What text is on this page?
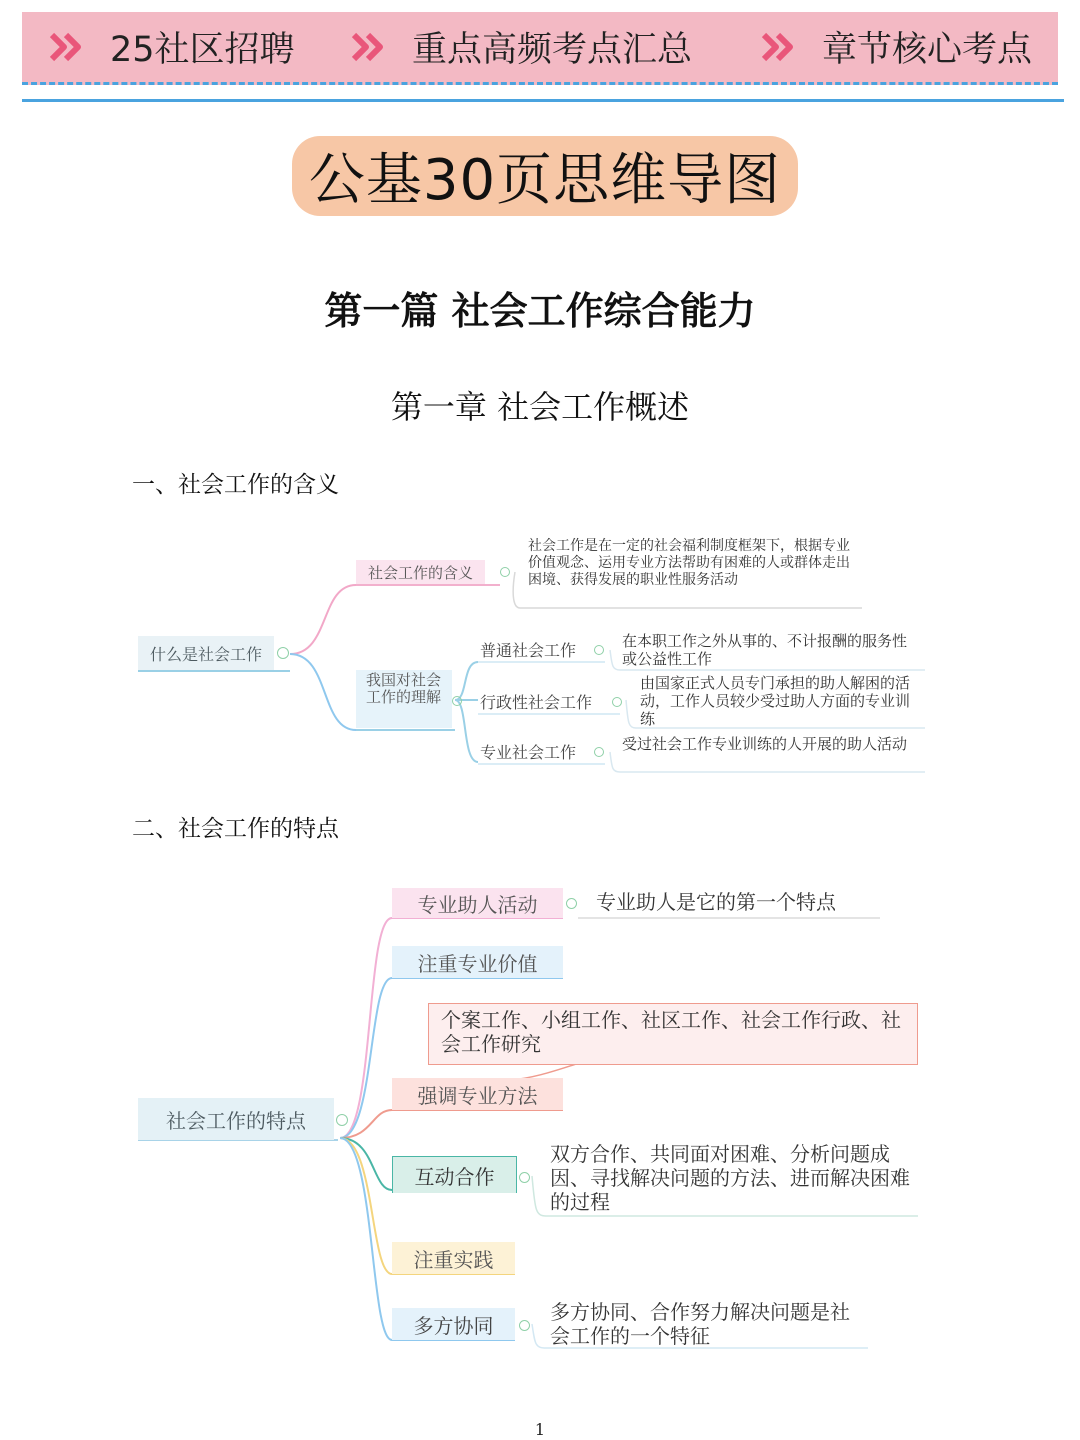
25社区招聘	重点高频考点汇总	章节核心考点
公基30页思维导图
第一篇 社会工作综合能力
第一章 社会工作概述
一、社会工作的含义
什么是社会工作
社会工作的含义
社会工作是在一定的社会福利制度框架下，根据专业价值观念、运用专业方法帮助有困难的人或群体走出困境、获得发展的职业性服务活动
我国对社会工作的理解
普通社会工作	在本职工作之外从事的、不计报酬的服务性或公益性工作
行政性社会工作
由国家正式人员专门承担的助人解困的活动，工作人员较少受过助人方面的专业训练
专业社会工作	受过社会工作专业训练的人开展的助人活动
二、社会工作的特点
社会工作的特点
专业助人活动	专业助人是它的第一个特点
注重专业价值
个案工作、小组工作、社区工作、社会工作行政、社会工作研究
强调专业方法
互动合作
双方合作、共同面对困难、分析问题成因、寻找解决问题的方法、进而解决困难的过程
注重实践
多方协同
多方协同、合作努力解决问题是社会工作的一个特征
1
